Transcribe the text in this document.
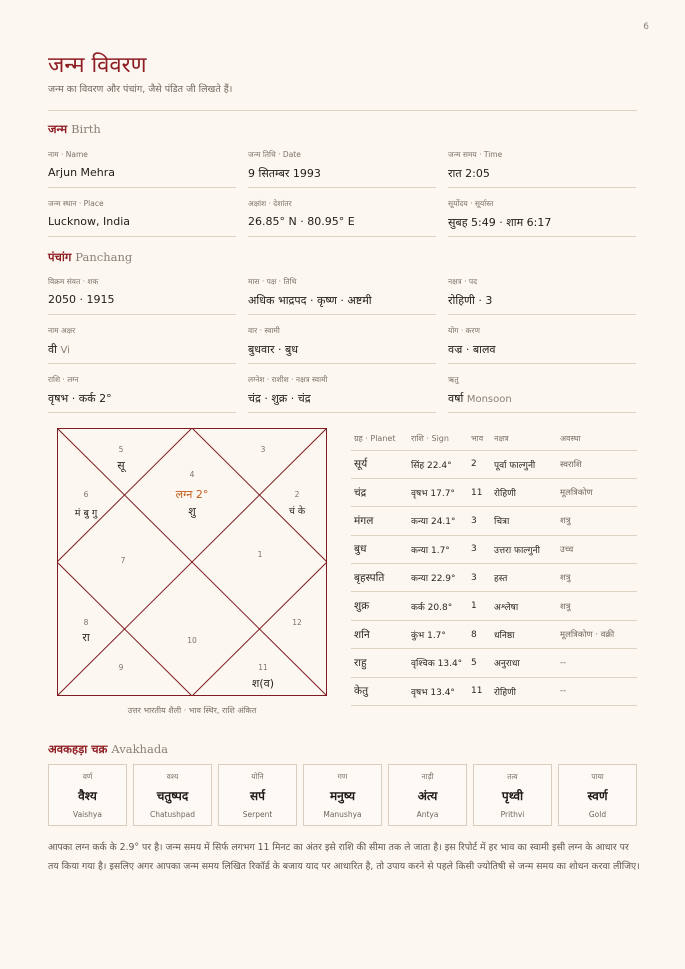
6
जन्म विवरण
जन्म का विवरण और पंचांग, जैसे पंडित जी लिखते हैं।
जन्म Birth
नाम · Name
Arjun Mehra
जन्म तिथि · Date
9 सितम्बर 1993
जन्म समय · Time
रात 2:05
जन्म स्थान · Place
Lucknow, India
अक्षांश · देशांतर
26.85° N · 80.95° E
सूर्योदय · सूर्यास्त
सुबह 5:49 · शाम 6:17
पंचांग Panchang
विक्रम संवत · शक
2050 · 1915
मास · पक्ष · तिथि
अधिक भाद्रपद · कृष्ण · अष्टमी
नक्षत्र · पद
रोहिणी · 3
नाम अक्षर
वी Vi
वार · स्वामी
बुधवार · बुध
योग · करण
वज्र · बालव
राशि · लग्न
वृषभ · कर्क 2°
लग्नेश · राशीश · नक्षत्र स्वामी
चंद्र · शुक्र · चंद्र
ऋतु
वर्षा Monsoon
4
लग्न 2°
शु
5
सू
6
मं बु गु
7
8
रा
9
10
11
श(व)
12
1
2
चं के
3
उत्तर भारतीय शैली · भाव स्थिर, राशि अंकित
ग्रह · Planet	राशि · Sign	भाव	नक्षत्र	अवस्था
सूर्य	सिंह 22.4°	2	पूर्वा फाल्गुनी	स्वराशि
चंद्र	वृषभ 17.7°	11	रोहिणी	मूलत्रिकोण
मंगल	कन्या 24.1°	3	चित्रा	शत्रु
बुध	कन्या 1.7°	3	उत्तरा फाल्गुनी	उच्च
बृहस्पति	कन्या 22.9°	3	हस्त	शत्रु
शुक्र	कर्क 20.8°	1	अश्लेषा	शत्रु
शनि	कुंभ 1.7°	8	धनिष्ठा	मूलत्रिकोण · वक्री
राहु	वृश्चिक 13.4°	5	अनुराधा	--
केतु	वृषभ 13.4°	11	रोहिणी	--
अवकहड़ा चक्र Avakhada
वर्ण
वैश्य
Vaishya
वश्य
चतुष्पद
Chatushpad
योनि
सर्प
Serpent
गण
मनुष्य
Manushya
नाड़ी
अंत्य
Antya
तत्व
पृथ्वी
Prithvi
पाया
स्वर्ण
Gold

आपका लग्न कर्क के 2.9° पर है। जन्म समय में सिर्फ लगभग 11 मिनट का अंतर इसे राशि की सीमा तक ले जाता है। इस रिपोर्ट में हर भाव का स्वामी इसी लग्न के आधार पर तय किया गया है। इसलिए अगर आपका जन्म समय लिखित रिकॉर्ड के बजाय याद पर आधारित है, तो उपाय करने से पहले किसी ज्योतिषी से जन्म समय का शोधन करवा लीजिए।
